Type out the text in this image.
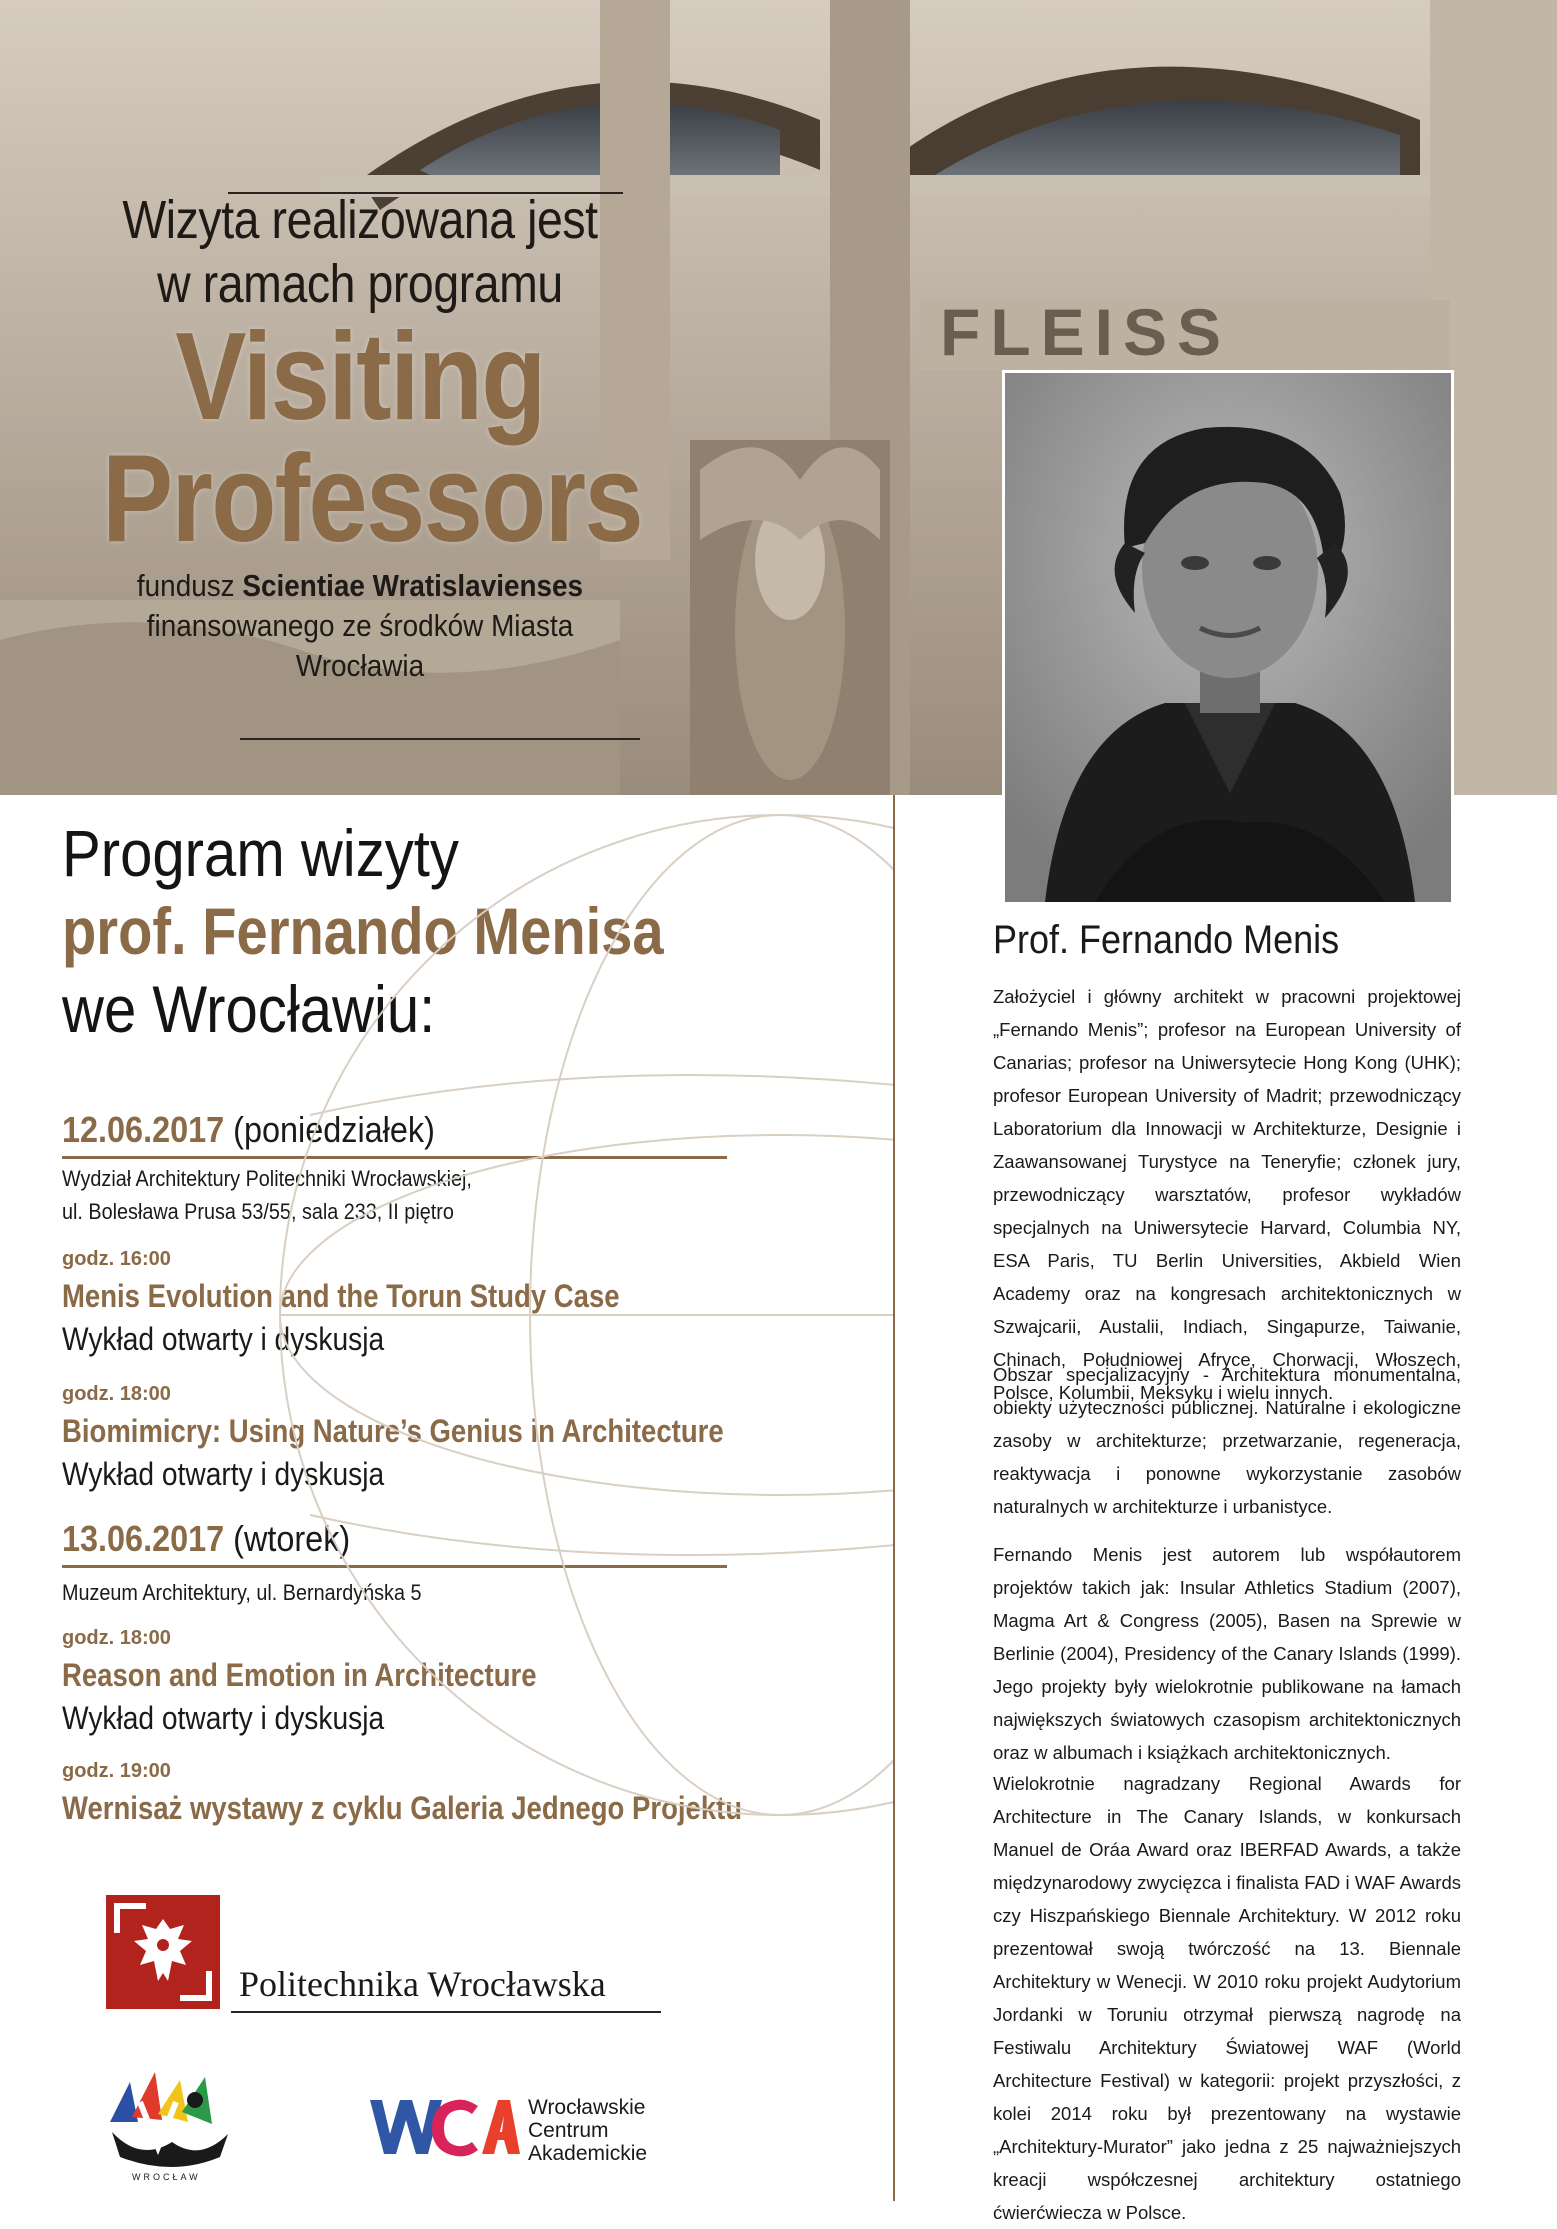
FLEISS
Wizyta realizowana jest
w ramach programu
Visiting
Professors
fundusz Scientiae Wratislavienses
finansowanego ze środków Miasta Wrocławia
Program wizyty
prof. Fernando Menisa
we Wrocławiu:
12.06.2017 (poniedziałek)
Wydział Architektury Politechniki Wrocławskiej,
ul. Bolesława Prusa 53/55, sala 233, II piętro
godz. 16:00
Menis Evolution and the Torun Study Case
Wykład otwarty i dyskusja
godz. 18:00
Biomimicry: Using Nature’s Genius in Architecture
Wykład otwarty i dyskusja
13.06.2017 (wtorek)
Muzeum Architektury, ul. Bernardyńska 5
godz. 18:00
Reason and Emotion in Architecture
Wykład otwarty i dyskusja
godz. 19:00
Wernisaż wystawy z cyklu Galeria Jednego Projektu
Prof. Fernando Menis
Założyciel i główny architekt w pracowni projektowej „Fernando Menis”; profesor na European University of Canarias; profesor na Uniwersytecie Hong Kong (UHK); profesor European University of Madrit; przewodniczący Laboratorium dla Innowacji w Architekturze, Designie i Zaawansowanej Turystyce na Teneryfie; członek jury, przewodniczący warsztatów, profesor wykładów specjalnych na Uniwersytecie Harvard, Columbia NY, ESA Paris, TU Berlin Universities, Akbield Wien Academy oraz na kongresach architektonicznych w Szwajcarii, Austalii, Indiach, Singapurze, Taiwanie, Chinach, Południowej Afryce, Chorwacji, Włoszech, Polsce, Kolumbii, Meksyku i wielu innych.
Obszar specjalizacyjny - Architektura monumentalna, obiekty użyteczności publicznej. Naturalne i ekologiczne zasoby w architekturze; przetwarzanie, regeneracja, reaktywacja i ponowne wykorzystanie zasobów naturalnych w architekturze i urbanistyce.
Fernando Menis jest autorem lub współautorem projektów takich jak: Insular Athletics Stadium (2007), Magma Art & Congress (2005), Basen na Sprewie w Berlinie (2004), Presidency of the Canary Islands (1999). Jego projekty były wielokrotnie publikowane na łamach największych światowych czasopism architektonicznych oraz w albumach i książkach architektonicznych.
Wielokrotnie nagradzany Regional Awards for Architecture in The Canary Islands, w konkursach Manuel de Oráa Award oraz IBERFAD Awards, a także międzynarodowy zwycięzca i finalista FAD i WAF Awards czy Hiszpańskiego Biennale Architektury. W 2012 roku prezentował swoją twórczość na 13. Biennale Architektury w Wenecji. W 2010 roku projekt Audytorium Jordanki w Toruniu otrzymał pierwszą nagrodę na Festiwalu Architektury Światowej WAF (World Architecture Festival) w kategorii: projekt przyszłości, z kolei 2014 roku był prezentowany na wystawie „Architektury-Murator” jako jedna z 25 najważniejszych kreacji współczesnej architektury ostatniego ćwierćwiecza w Polsce.
Politechnika Wrocławska
WROCŁAW
Wrocławskie
Centrum
Akademickie
